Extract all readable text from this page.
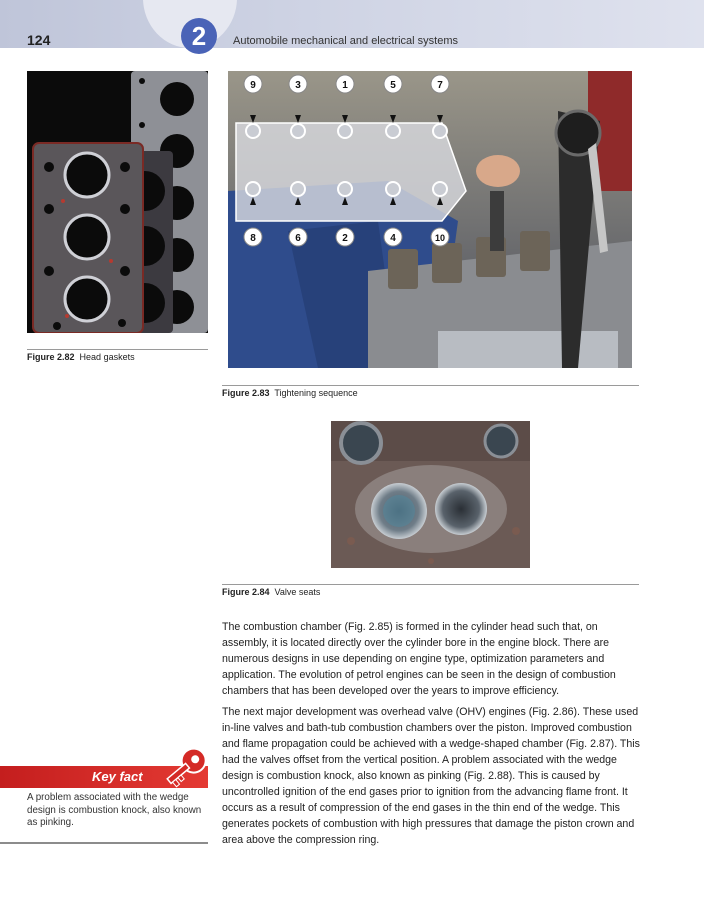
2
124	Automobile mechanical and electrical systems
Figure 2.82 Head gaskets
9	3	1	5	7
8	6	2	4	10
Figure 2.83 Tightening sequence
Figure 2.84 Valve seats

The combustion chamber (Fig. 2.85) is formed in the cylinder head such that, on assembly, it is located directly over the cylinder bore in the engine block. There are numerous designs in use depending on engine type, optimization parameters and application. The evolution of petrol engines can be seen in the design of combustion chambers that has been developed over the years to improve efficiency.

The next major development was overhead valve (OHV) engines (Fig. 2.86). These used in-line valves and bath-tub combustion chambers over the piston. Improved combustion and flame propagation could be achieved with a wedge-shaped chamber (Fig. 2.87). This had the valves offset from the vertical position. A problem associated with the wedge design is combustion knock, also known as pinking (Fig. 2.88). This is caused by uncontrolled ignition of the end gases prior to ignition from the advancing flame front. It occurs as a result of compression of the end gases in the thin end of the wedge. This generates pockets of combustion with high pressures that damage the piston crown and area above the compression ring.

Key fact
A problem associated with the wedge design is combustion knock, also known as pinking.
